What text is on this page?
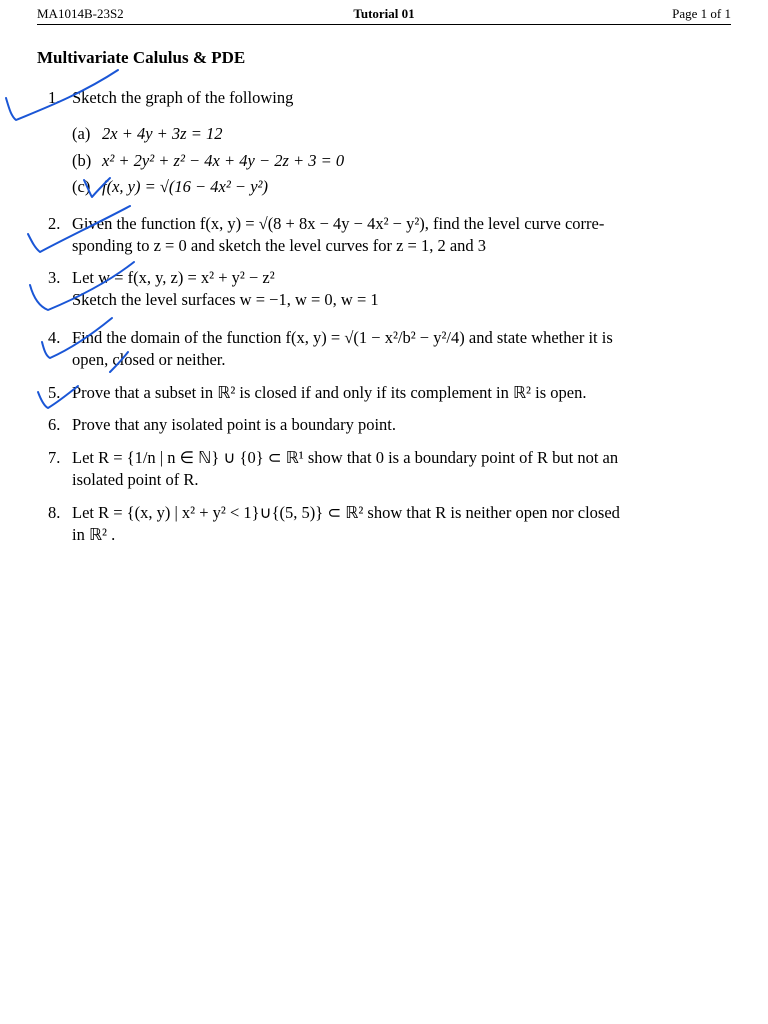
MA1014B-23S2	Tutorial 01	Page 1 of 1
Multivariate Calulus & PDE
1. Sketch the graph of the following
(a) 2x + 4y + 3z = 12
(b) x² + 2y² + z² − 4x + 4y − 2z + 3 = 0
(c) f(x, y) = √(16 − 4x² − y²)
2. Given the function f(x, y) = √(8 + 8x − 4y − 4x² − y²), find the level curve corre-
sponding to z = 0 and sketch the level curves for z = 1, 2 and 3
3. Let w = f(x, y, z) = x² + y² − z²
Sketch the level surfaces w = −1, w = 0, w = 1
4. Find the domain of the function f(x, y) = √(1 − x²/b² − y²/4) and state whether it is
open, closed or neither.
5. Prove that a subset in ℝ² is closed if and only if its complement in ℝ² is open.
6. Prove that any isolated point is a boundary point.
7. Let R = {1/n | n ∈ ℕ} ∪ {0} ⊂ ℝ¹ show that 0 is a boundary point of R but not an
isolated point of R.
8. Let R = {(x, y) | x² + y² < 1}∪{(5, 5)} ⊂ ℝ² show that R is neither open nor closed
in ℝ² .
